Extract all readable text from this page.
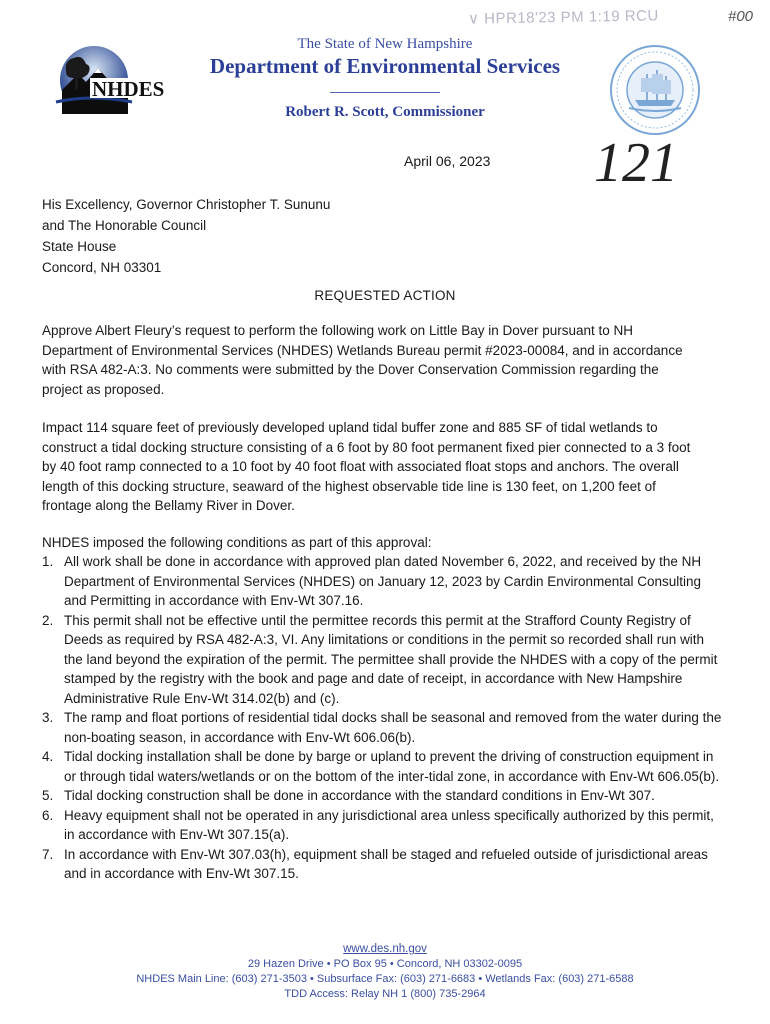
∨ HPR18'23 PM 1:19 RCU	#00
NHDES
The State of New Hampshire
Department of Environmental Services
Robert R. Scott, Commissioner
121
April 06, 2023
His Excellency, Governor Christopher T. Sununu
and The Honorable Council
State House
Concord, NH 03301
REQUESTED ACTION
Approve Albert Fleury’s request to perform the following work on Little Bay in Dover pursuant to NH Department of Environmental Services (NHDES) Wetlands Bureau permit #2023-00084, and in accordance with RSA 482-A:3. No comments were submitted by the Dover Conservation Commission regarding the project as proposed.
Impact 114 square feet of previously developed upland tidal buffer zone and 885 SF of tidal wetlands to construct a tidal docking structure consisting of a 6 foot by 80 foot permanent fixed pier connected to a 3 foot by 40 foot ramp connected to a 10 foot by 40 foot float with associated float stops and anchors. The overall length of this docking structure, seaward of the highest observable tide line is 130 feet, on 1,200 feet of frontage along the Bellamy River in Dover.
NHDES imposed the following conditions as part of this approval:
1. All work shall be done in accordance with approved plan dated November 6, 2022, and received by the NH Department of Environmental Services (NHDES) on January 12, 2023 by Cardin Environmental Consulting and Permitting in accordance with Env-Wt 307.16.
2. This permit shall not be effective until the permittee records this permit at the Strafford County Registry of Deeds as required by RSA 482-A:3, VI. Any limitations or conditions in the permit so recorded shall run with the land beyond the expiration of the permit. The permittee shall provide the NHDES with a copy of the permit stamped by the registry with the book and page and date of receipt, in accordance with New Hampshire Administrative Rule Env-Wt 314.02(b) and (c).
3. The ramp and float portions of residential tidal docks shall be seasonal and removed from the water during the non-boating season, in accordance with Env-Wt 606.06(b).
4. Tidal docking installation shall be done by barge or upland to prevent the driving of construction equipment in or through tidal waters/wetlands or on the bottom of the inter-tidal zone, in accordance with Env-Wt 606.05(b).
5. Tidal docking construction shall be done in accordance with the standard conditions in Env-Wt 307.
6. Heavy equipment shall not be operated in any jurisdictional area unless specifically authorized by this permit, in accordance with Env-Wt 307.15(a).
7. In accordance with Env-Wt 307.03(h), equipment shall be staged and refueled outside of jurisdictional areas and in accordance with Env-Wt 307.15.
www.des.nh.gov
29 Hazen Drive • PO Box 95 • Concord, NH 03302-0095
NHDES Main Line: (603) 271-3503 • Subsurface Fax: (603) 271-6683 • Wetlands Fax: (603) 271-6588
TDD Access: Relay NH 1 (800) 735-2964
